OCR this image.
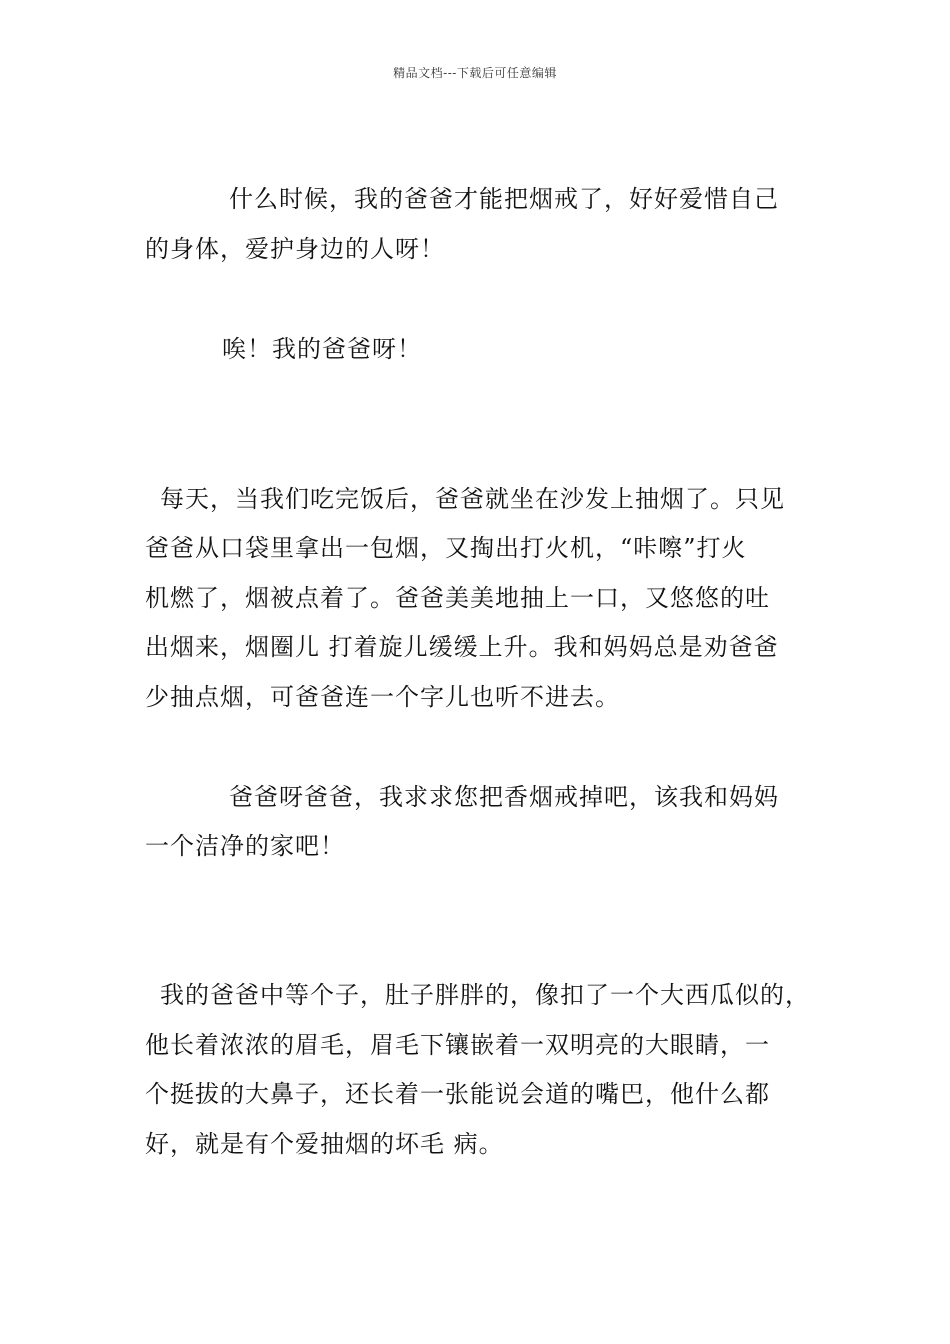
精品文档---下载后可任意编辑
什么时候，我的爸爸才能把烟戒了，好好爱惜自己
的身体，爱护身边的人呀！
唉！我的爸爸呀！
每天，当我们吃完饭后，爸爸就坐在沙发上抽烟了。只见
爸爸从口袋里拿出一包烟，又掏出打火机，“咔嚓”打火
机燃了，烟被点着了。爸爸美美地抽上一口，又悠悠的吐
出烟来，烟圈儿 打着旋儿缓缓上升。我和妈妈总是劝爸爸
少抽点烟，可爸爸连一个字儿也听不进去。
爸爸呀爸爸，我求求您把香烟戒掉吧，该我和妈妈
一个洁净的家吧！
我的爸爸中等个子，肚子胖胖的，像扣了一个大西瓜似的，
他长着浓浓的眉毛，眉毛下镶嵌着一双明亮的大眼睛，一
个挺拔的大鼻子，还长着一张能说会道的嘴巴，他什么都
好，就是有个爱抽烟的坏毛 病。
